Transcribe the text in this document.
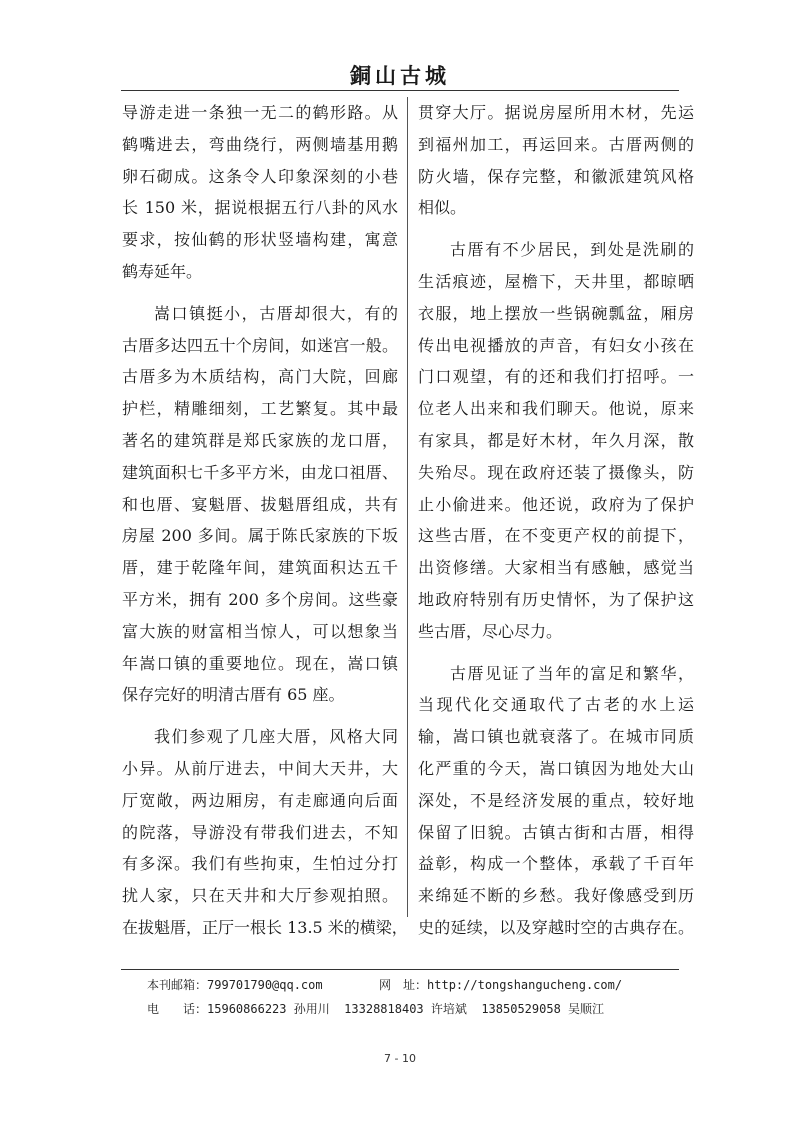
銅山古城
导游走进一条独一无二的鹤形路。从
鹤嘴进去，弯曲绕行，两侧墙基用鹅
卵石砌成。这条令人印象深刻的小巷
长 150 米，据说根据五行八卦的风水
要求，按仙鹤的形状竖墙构建，寓意
鹤寿延年。
嵩口镇挺小，古厝却很大，有的
古厝多达四五十个房间，如迷宫一般。
古厝多为木质结构，高门大院，回廊
护栏，精雕细刻，工艺繁复。其中最
著名的建筑群是郑氏家族的龙口厝，
建筑面积七千多平方米，由龙口祖厝、
和也厝、宴魁厝、拔魁厝组成，共有
房屋 200 多间。属于陈氏家族的下坂
厝，建于乾隆年间，建筑面积达五千
平方米，拥有 200 多个房间。这些豪
富大族的财富相当惊人，可以想象当
年嵩口镇的重要地位。现在，嵩口镇
保存完好的明清古厝有 65 座。
我们参观了几座大厝，风格大同
小异。从前厅进去，中间大天井，大
厅宽敞，两边厢房，有走廊通向后面
的院落，导游没有带我们进去，不知
有多深。我们有些拘束，生怕过分打
扰人家，只在天井和大厅参观拍照。
在拔魁厝，正厅一根长 13.5 米的横梁，
贯穿大厅。据说房屋所用木材，先运
到福州加工，再运回来。古厝两侧的
防火墙，保存完整，和徽派建筑风格
相似。
古厝有不少居民，到处是洗刷的
生活痕迹，屋檐下，天井里，都晾晒
衣服，地上摆放一些锅碗瓢盆，厢房
传出电视播放的声音，有妇女小孩在
门口观望，有的还和我们打招呼。一
位老人出来和我们聊天。他说，原来
有家具，都是好木材，年久月深，散
失殆尽。现在政府还装了摄像头，防
止小偷进来。他还说，政府为了保护
这些古厝，在不变更产权的前提下，
出资修缮。大家相当有感触，感觉当
地政府特别有历史情怀，为了保护这
些古厝，尽心尽力。
古厝见证了当年的富足和繁华，
当现代化交通取代了古老的水上运
输，嵩口镇也就衰落了。在城市同质
化严重的今天，嵩口镇因为地处大山
深处，不是经济发展的重点，较好地
保留了旧貌。古镇古街和古厝，相得
益彰，构成一个整体，承载了千百年
来绵延不断的乡愁。我好像感受到历
史的延续，以及穿越时空的古典存在。
本刊邮箱：799701790@qq.com	网　址：http://tongshangucheng.com/
电　　话：15960866223 孙用川 13328818403 许培斌 13850529058 吴顺江
7 - 10
